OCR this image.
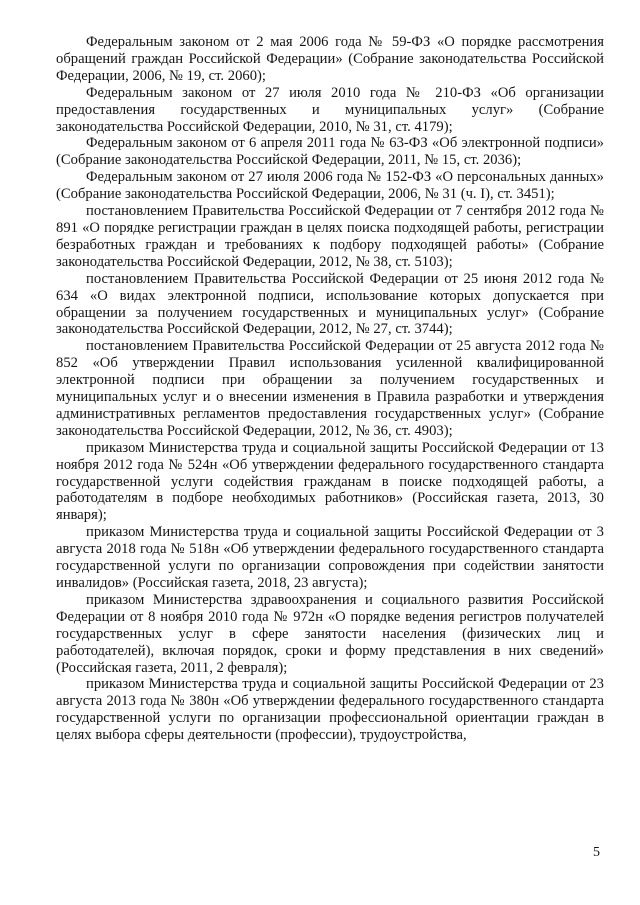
Федеральным законом от 2 мая 2006 года № 59-ФЗ «О порядке рассмотрения обращений граждан Российской Федерации» (Собрание законодательства Российской Федерации, 2006, № 19, ст. 2060);

Федеральным законом от 27 июля 2010 года № 210-ФЗ «Об организации предоставления государственных и муниципальных услуг» (Собрание законодательства Российской Федерации, 2010, № 31, ст. 4179);

Федеральным законом от 6 апреля 2011 года № 63-ФЗ «Об электронной подписи» (Собрание законодательства Российской Федерации, 2011, № 15, ст. 2036);

Федеральным законом от 27 июля 2006 года № 152-ФЗ «О персональных данных» (Собрание законодательства Российской Федерации, 2006, № 31 (ч. I), ст. 3451);

постановлением Правительства Российской Федерации от 7 сентября 2012 года № 891 «О порядке регистрации граждан в целях поиска подходящей работы, регистрации безработных граждан и требованиях к подбору подходящей работы» (Собрание законодательства Российской Федерации, 2012, № 38, ст. 5103);

постановлением Правительства Российской Федерации от 25 июня 2012 года № 634 «О видах электронной подписи, использование которых допускается при обращении за получением государственных и муниципальных услуг» (Собрание законодательства Российской Федерации, 2012, № 27, ст. 3744);

постановлением Правительства Российской Федерации от 25 августа 2012 года № 852 «Об утверждении Правил использования усиленной квалифицированной электронной подписи при обращении за получением государственных и муниципальных услуг и о внесении изменения в Правила разработки и утверждения административных регламентов предоставления государственных услуг» (Собрание законодательства Российской Федерации, 2012, № 36, ст. 4903);

приказом Министерства труда и социальной защиты Российской Федерации от 13 ноября 2012 года № 524н «Об утверждении федерального государственного стандарта государственной услуги содействия гражданам в поиске подходящей работы, а работодателям в подборе необходимых работников» (Российская газета, 2013, 30 января);

приказом Министерства труда и социальной защиты Российской Федерации от 3 августа 2018 года № 518н «Об утверждении федерального государственного стандарта государственной услуги по организации сопровождения при содействии занятости инвалидов» (Российская газета, 2018, 23 августа);

приказом Министерства здравоохранения и социального развития Российской Федерации от 8 ноября 2010 года № 972н «О порядке ведения регистров получателей государственных услуг в сфере занятости населения (физических лиц и работодателей), включая порядок, сроки и форму представления в них сведений» (Российская газета, 2011, 2 февраля);

приказом Министерства труда и социальной защиты Российской Федерации от 23 августа 2013 года № 380н «Об утверждении федерального государственного стандарта государственной услуги по организации профессиональной ориентации граждан в целях выбора сферы деятельности (профессии), трудоустройства,

5
